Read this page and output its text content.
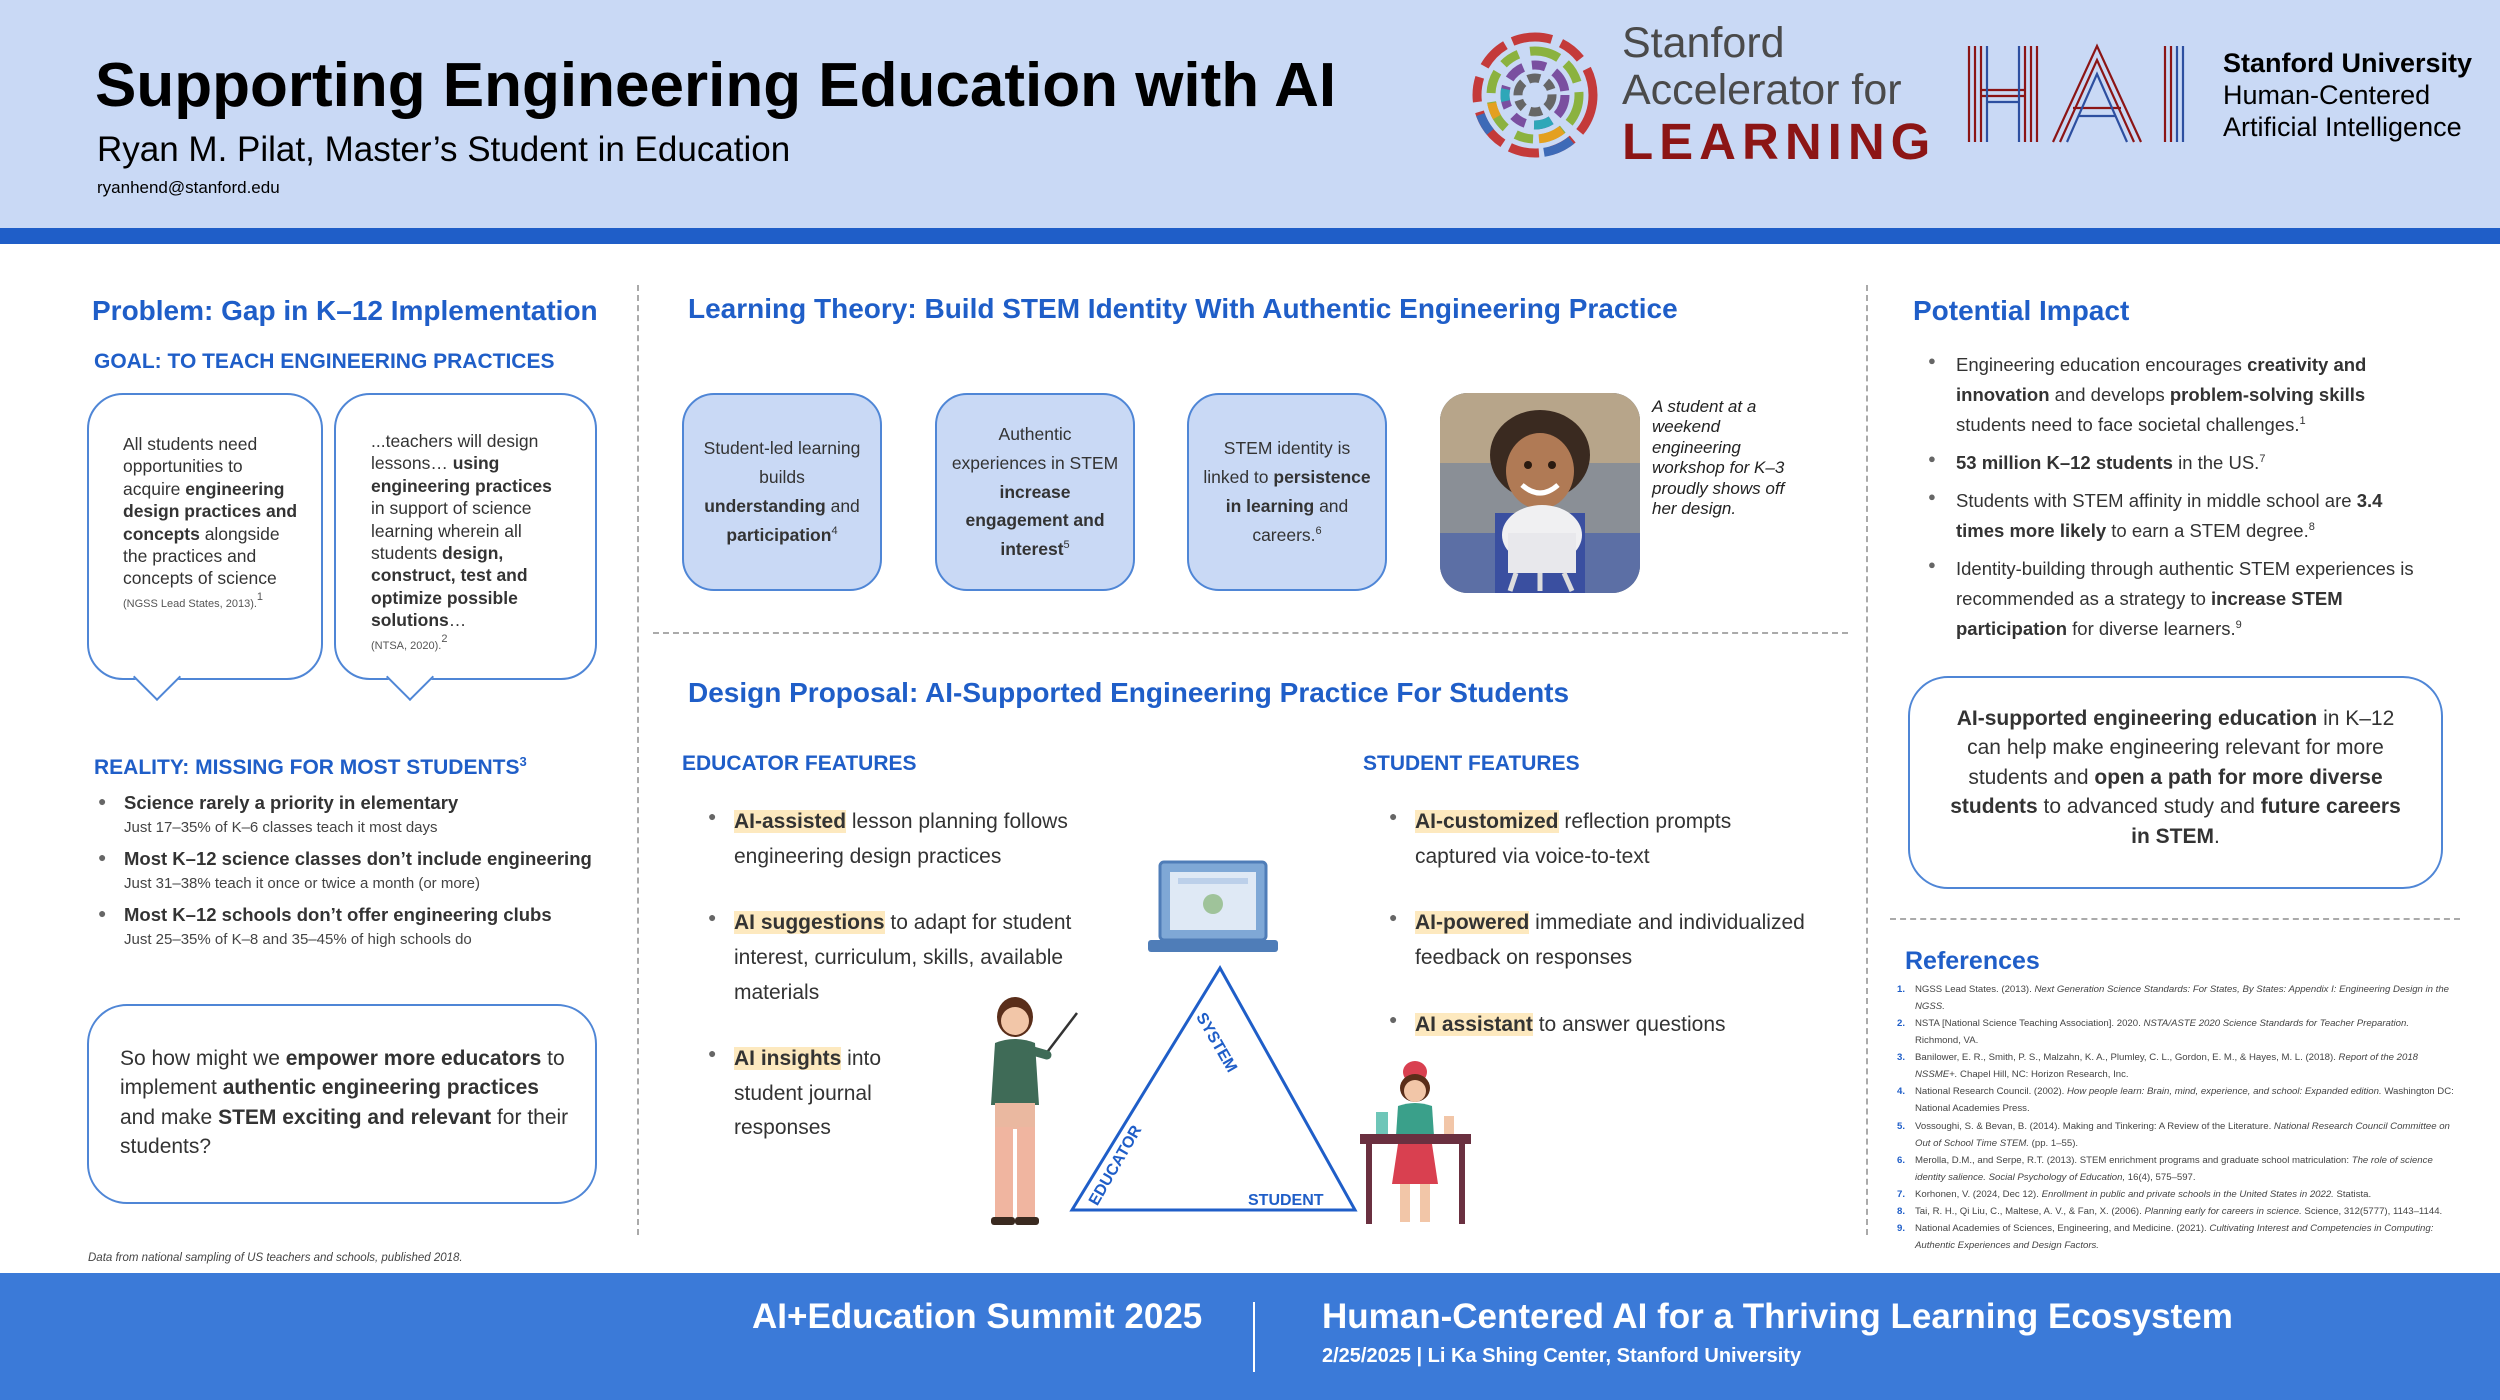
Supporting Engineering Education with AI
Ryan M. Pilat, Master’s Student in Education
ryanhend@stanford.edu
Stanford
Accelerator for
LEARNING
Stanford University
Human-Centered
Artificial Intelligence
Problem: Gap in K–12 Implementation
GOAL: TO TEACH ENGINEERING PRACTICES
All students need opportunities to acquire engineering design practices and concepts alongside the practices and concepts of science
(NGSS Lead States, 2013).$^1$
...teachers will design lessons… using engineering practices in support of science learning wherein all students design, construct, test and optimize possible solutions…
(NTSA, 2020).$^2$
REALITY: MISSING FOR MOST STUDENTS$^3$
● Science rarely a priority in elementary
Just 17–35% of K–6 classes teach it most days
● Most K–12 science classes don’t include engineering
Just 31–38% teach it once or twice a month (or more)
● Most K–12 schools don’t offer engineering clubs
Just 25–35% of K–8 and 35–45% of high schools do
So how might we empower more educators to implement authentic engineering practices and make STEM exciting and relevant for their students?
Data from national sampling of US teachers and schools, published 2018.
Learning Theory: Build STEM Identity With Authentic Engineering Practice
Student-led learning builds understanding and participation$^4$
Authentic experiences in STEM increase engagement and interest$^5$
STEM identity is linked to persistence in learning and careers.$^6$
A student at a weekend engineering workshop for K–3 proudly shows off her design.
Design Proposal: AI-Supported Engineering Practice For Students
EDUCATOR FEATURES
● AI-assisted lesson planning follows engineering design practices
● AI suggestions to adapt for student interest, curriculum, skills, available materials
● AI insights into student journal responses
STUDENT FEATURES
● AI-customized reflection prompts captured via voice-to-text
● AI-powered immediate and individualized feedback on responses
● AI assistant to answer questions
SYSTEM
EDUCATOR	STUDENT
Potential Impact
● Engineering education encourages creativity and innovation and develops problem-solving skills students need to face societal challenges.$^1$
● 53 million K–12 students in the US.$^7$
● Students with STEM affinity in middle school are 3.4 times more likely to earn a STEM degree.$^8$
● Identity-building through authentic STEM experiences is recommended as a strategy to increase STEM participation for diverse learners.$^9$
AI-supported engineering education in K–12 can help make engineering relevant for more students and open a path for more diverse students to advanced study and future careers in STEM.
References
1. NGSS Lead States. (2013). Next Generation Science Standards: For States, By States: Appendix I: Engineering Design in the NGSS.
2. NSTA [National Science Teaching Association]. 2020. NSTA/ASTE 2020 Science Standards for Teacher Preparation. Richmond, VA.
3. Banilower, E. R., Smith, P. S., Malzahn, K. A., Plumley, C. L., Gordon, E. M., & Hayes, M. L. (2018). Report of the 2018 NSSME+. Chapel Hill, NC: Horizon Research, Inc.
4. National Research Council. (2002). How people learn: Brain, mind, experience, and school: Expanded edition. Washington DC: National Academies Press.
5. Vossoughi, S. & Bevan, B. (2014). Making and Tinkering: A Review of the Literature. National Research Council Committee on Out of School Time STEM. (pp. 1–55).
6. Merolla, D.M., and Serpe, R.T. (2013). STEM enrichment programs and graduate school matriculation: The role of science identity salience. Social Psychology of Education, 16(4), 575–597.
7. Korhonen, V. (2024, Dec 12). Enrollment in public and private schools in the United States in 2022. Statista.
8. Tai, R. H., Qi Liu, C., Maltese, A. V., & Fan, X. (2006). Planning early for careers in science. Science, 312(5777), 1143–1144.
9. National Academies of Sciences, Engineering, and Medicine. (2021). Cultivating Interest and Competencies in Computing: Authentic Experiences and Design Factors.
AI+Education Summit 2025	Human-Centered AI for a Thriving Learning Ecosystem
2/25/2025 | Li Ka Shing Center, Stanford University
